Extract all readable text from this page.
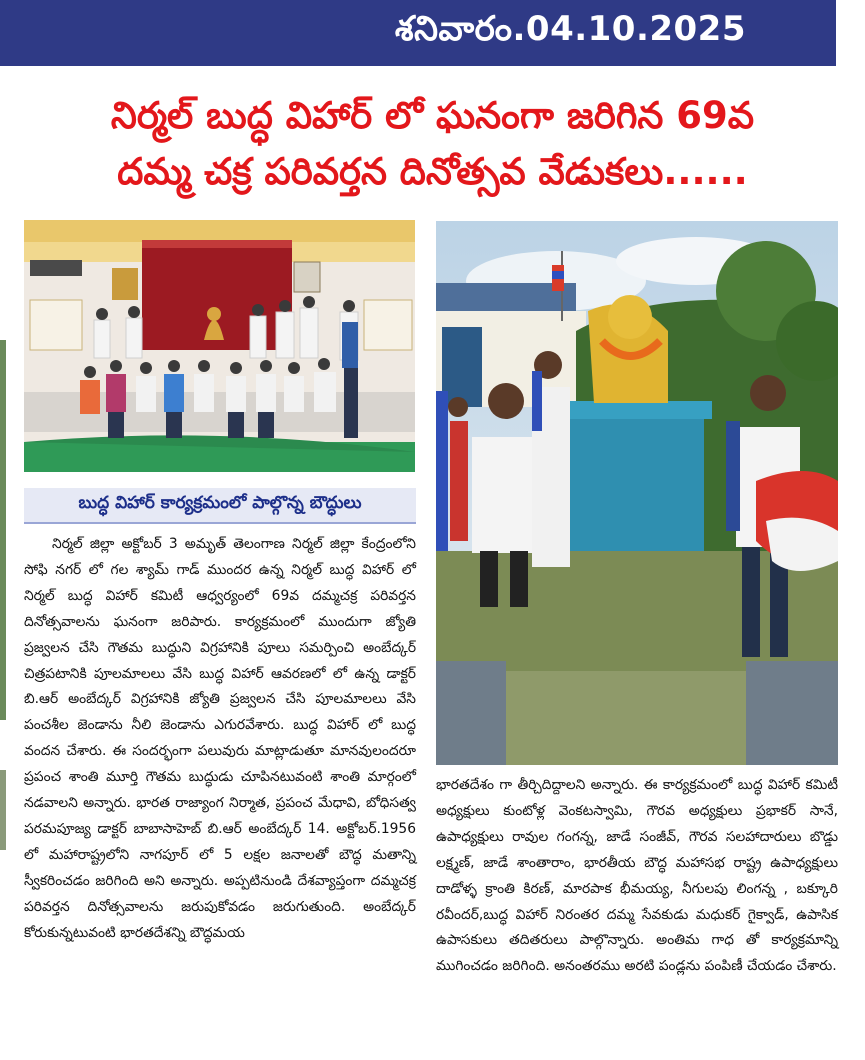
శనివారం.04.10.2025
నిర్మల్ బుద్ధ విహార్ లో ఘనంగా జరిగిన 69వ
దమ్మ చక్ర పరివర్తన దినోత్సవ వేడుకలు......
బుద్ధ విహార్ కార్యక్రమంలో పాల్గొన్న బౌద్ధులు
నిర్మల్ జిల్లా అక్టోబర్ 3 అమృత్ తెలంగాణ నిర్మల్ జిల్లా కేంద్రంలోని సోఫి నగర్ లో గల శ్యామ్ గాడ్ ముందర ఉన్న నిర్మల్ బుద్ధ విహార్ లో నిర్మల్ బుద్ధ విహార్ కమిటీ ఆధ్వర్యంలో 69వ దమ్మచక్ర పరివర్తన దినోత్సవాలను ఘనంగా జరిపారు. కార్యక్రమంలో ముందుగా జ్యోతి ప్రజ్వలన చేసి గౌతమ బుద్ధుని విగ్రహానికి పూలు సమర్పించి అంబేద్కర్ చిత్రపటానికి పూలమాలలు వేసి బుద్ధ విహార్ ఆవరణలో లో ఉన్న డాక్టర్ బి.ఆర్ అంబేద్కర్ విగ్రహానికి జ్యోతి ప్రజ్వలన చేసి పూలమాలలు వేసి పంచశీల జెండాను నీలి జెండాను ఎగురవేశారు. బుద్ధ విహార్ లో బుద్ధ వందన చేశారు. ఈ సందర్భంగా పలువురు మాట్లాడుతూ మానవులందరూ ప్రపంచ శాంతి మూర్తి గౌతమ బుద్ధుడు చూపినటువంటి శాంతి మార్గంలో నడవాలని అన్నారు. భారత రాజ్యాంగ నిర్మాత, ప్రపంచ మేధావి, బోధిసత్వ పరమపూజ్య డాక్టర్ బాబాసాహెబ్ బి.ఆర్ అంబేద్కర్ 14. అక్టోబర్.1956 లో మహారాష్ట్రలోని నాగపూర్ లో 5 లక్షల జనాలతో బౌద్ధ మతాన్ని స్వీకరించడం జరిగింది అని అన్నారు. అప్పటినుండి దేశవ్యాప్తంగా దమ్మచక్ర పరివర్తన దినోత్సవాలను జరుపుకోవడం జరుగుతుంది. అంబేద్కర్ కోరుకున్నటువంటి భారతదేశన్ని బౌద్ధమయ
భారతదేశం గా తీర్చిదిద్దాలని అన్నారు. ఈ కార్యక్రమంలో బుద్ధ విహార్ కమిటీ అధ్యక్షులు కుంటోళ్ల వెంకటస్వామి, గౌరవ అధ్యక్షులు ప్రభాకర్ సానే, ఉపాధ్యక్షులు రావుల గంగన్న, జాడే సంజీవ్, గౌరవ సలహాదారులు బొడ్డు లక్ష్మణ్, జాడే శాంతారాం, భారతీయ బౌద్ధ మహాసభ రాష్ట్ర ఉపాధ్యక్షులు దాడోళ్ళ క్రాంతి కిరణ్, మారపాక భీమయ్య, నీగులపు లింగన్న , బక్కూరి రవీందర్,బుద్ధ విహార్ నిరంతర దమ్మ సేవకుడు మధుకర్ గైక్వాడ్, ఉపాసిక ఉపాసకులు తదితరులు పాల్గొన్నారు. అంతిమ గాధ తో కార్యక్రమాన్ని ముగించడం జరిగింది. అనంతరము అరటి పండ్లను పంపిణీ చేయడం చేశారు.
